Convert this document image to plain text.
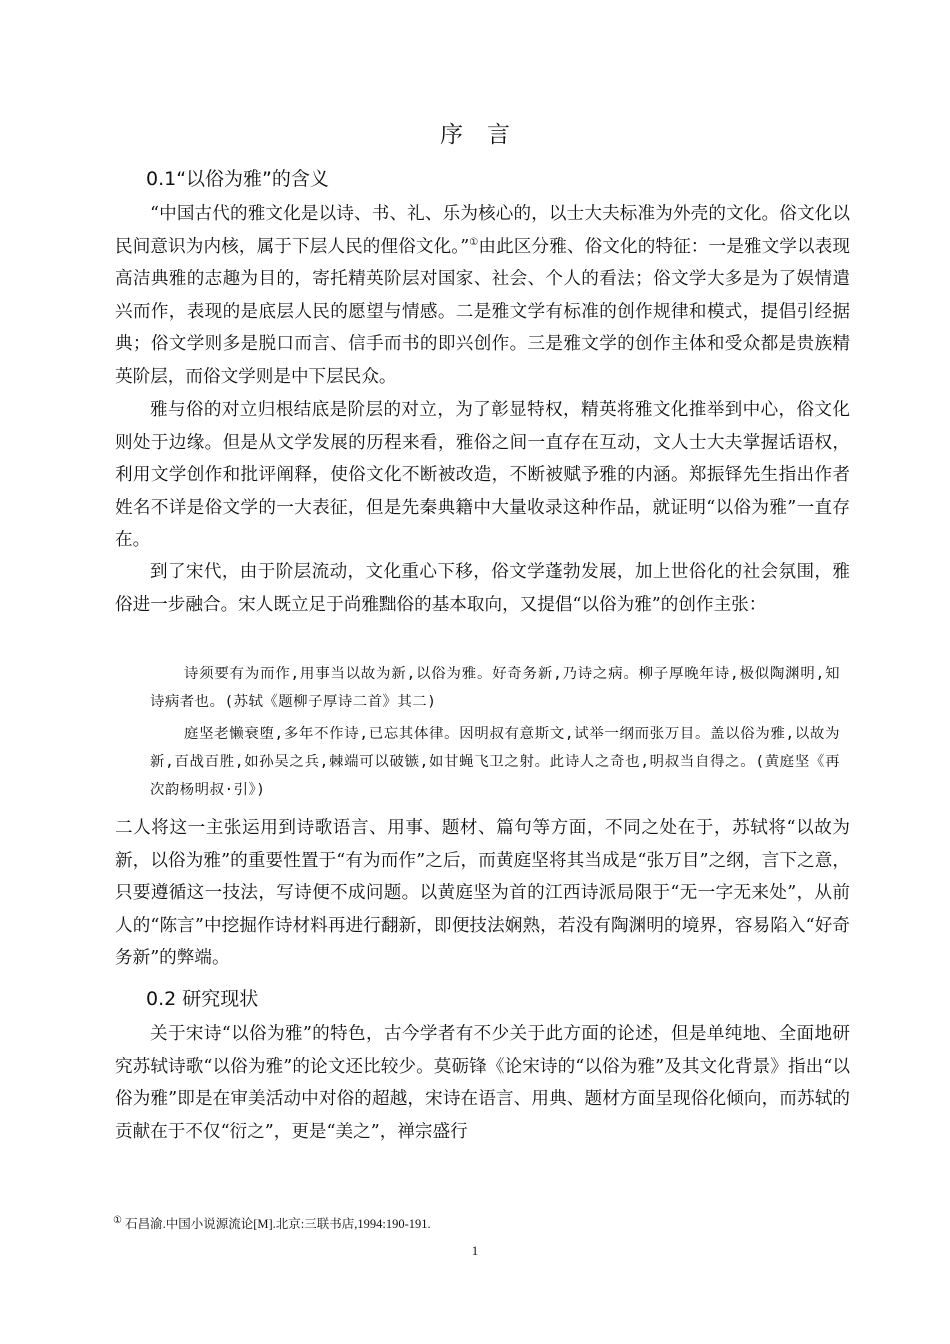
序言
0.1“以俗为雅”的含义
“中国古代的雅文化是以诗、书、礼、乐为核心的，以士大夫标准为外壳的文化。俗文化以民间意识为内核，属于下层人民的俚俗文化。”①由此区分雅、俗文化的特征：一是雅文学以表现高洁典雅的志趣为目的，寄托精英阶层对国家、社会、个人的看法；俗文学大多是为了娱情遣兴而作，表现的是底层人民的愿望与情感。二是雅文学有标准的创作规律和模式，提倡引经据典；俗文学则多是脱口而言、信手而书的即兴创作。三是雅文学的创作主体和受众都是贵族精英阶层，而俗文学则是中下层民众。
雅与俗的对立归根结底是阶层的对立，为了彰显特权，精英将雅文化推举到中心，俗文化则处于边缘。但是从文学发展的历程来看，雅俗之间一直存在互动，文人士大夫掌握话语权，利用文学创作和批评阐释，使俗文化不断被改造，不断被赋予雅的内涵。郑振铎先生指出作者姓名不详是俗文学的一大表征，但是先秦典籍中大量收录这种作品，就证明“以俗为雅”一直存在。
到了宋代，由于阶层流动，文化重心下移，俗文学蓬勃发展，加上世俗化的社会氛围，雅俗进一步融合。宋人既立足于尚雅黜俗的基本取向，又提倡“以俗为雅”的创作主张：
诗须要有为而作,用事当以故为新,以俗为雅。好奇务新,乃诗之病。柳子厚晚年诗,极似陶渊明,知诗病者也。(苏轼《题柳子厚诗二首》其二)
庭坚老懒衰堕,多年不作诗,已忘其体律。因明叔有意斯文,试举一纲而张万目。盖以俗为雅,以故为新,百战百胜,如孙吴之兵,棘端可以破镞,如甘蝇飞卫之射。此诗人之奇也,明叔当自得之。(黄庭坚《再次韵杨明叔·引》)
二人将这一主张运用到诗歌语言、用事、题材、篇句等方面，不同之处在于，苏轼将“以故为新，以俗为雅”的重要性置于“有为而作”之后，而黄庭坚将其当成是“张万目”之纲，言下之意，只要遵循这一技法，写诗便不成问题。以黄庭坚为首的江西诗派局限于“无一字无来处”，从前人的“陈言”中挖掘作诗材料再进行翻新，即便技法娴熟，若没有陶渊明的境界，容易陷入“好奇务新”的弊端。
0.2 研究现状
关于宋诗“以俗为雅”的特色，古今学者有不少关于此方面的论述，但是单纯地、全面地研究苏轼诗歌“以俗为雅”的论文还比较少。莫砺锋《论宋诗的“以俗为雅”及其文化背景》指出“以俗为雅”即是在审美活动中对俗的超越，宋诗在语言、用典、题材方面呈现俗化倾向，而苏轼的贡献在于不仅“衍之”，更是“美之”，禅宗盛行
① 石昌渝.中国小说源流论[M].北京:三联书店,1994:190-191.
1
